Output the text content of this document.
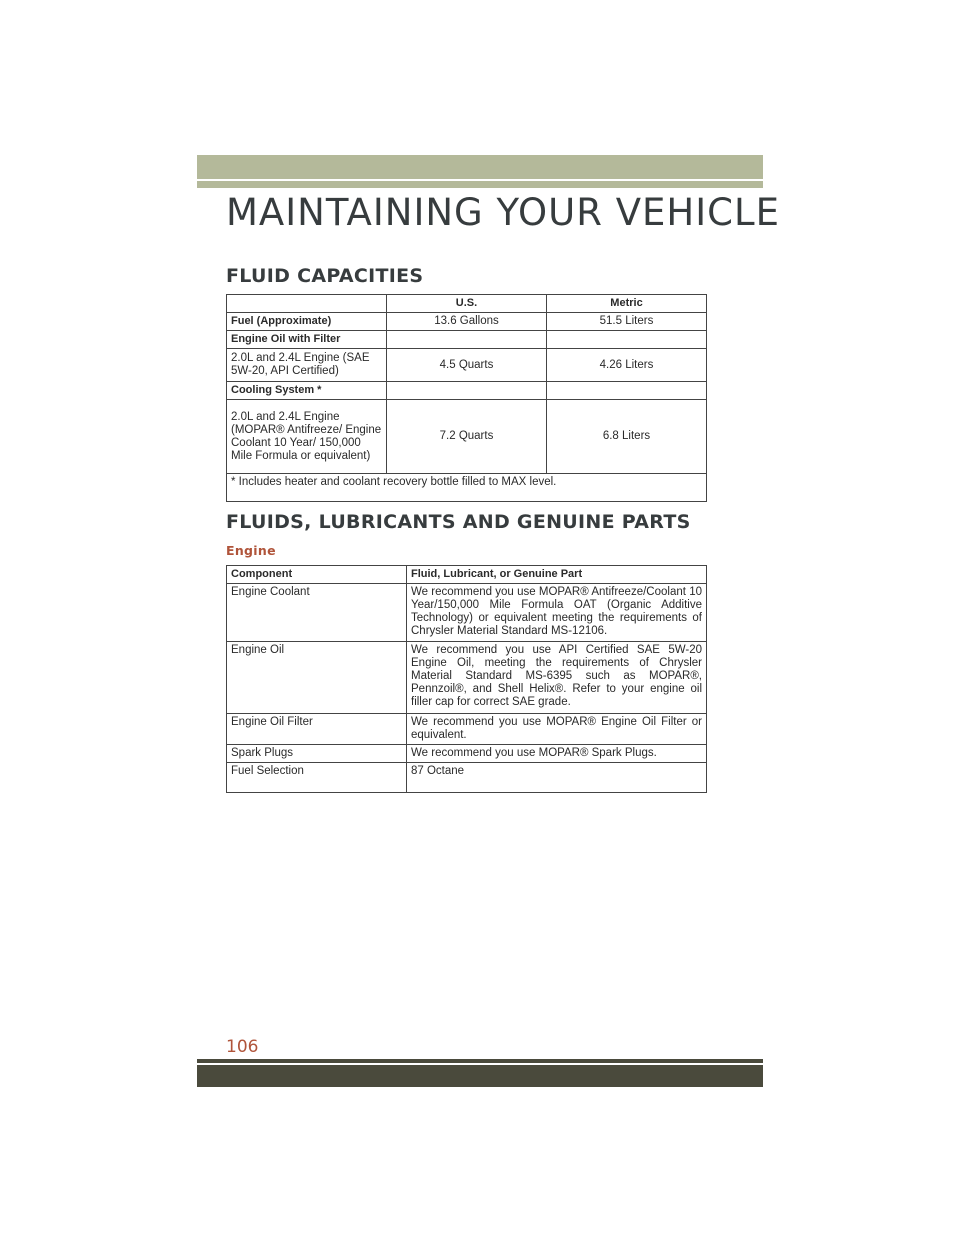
MAINTAINING YOUR VEHICLE
FLUID CAPACITIES
	U.S.	Metric
Fuel (Approximate)	13.6 Gallons	51.5 Liters
Engine Oil with Filter		
2.0L and 2.4L Engine (SAE 5W-20, API Certified)	4.5 Quarts	4.26 Liters
Cooling System *		
2.0L and 2.4L Engine (MOPAR® Antifreeze/ Engine Coolant 10 Year/ 150,000 Mile Formula or equivalent)	7.2 Quarts	6.8 Liters
* Includes heater and coolant recovery bottle filled to MAX level.		
FLUIDS, LUBRICANTS AND GENUINE PARTS
Engine
Component	Fluid, Lubricant, or Genuine Part
Engine Coolant	We recommend you use MOPAR® Antifreeze/Coolant 10 Year/150,000 Mile Formula OAT (Organic Additive Technology) or equivalent meeting the requirements of Chrysler Material Standard MS-12106.
Engine Oil	We recommend you use API Certified SAE 5W-20 Engine Oil, meeting the requirements of Chrysler Material Standard MS-6395 such as MOPAR®, Pennzoil®, and Shell Helix®. Refer to your engine oil filler cap for correct SAE grade.
Engine Oil Filter	We recommend you use MOPAR® Engine Oil Filter or equivalent.
Spark Plugs	We recommend you use MOPAR® Spark Plugs.
Fuel Selection	87 Octane
106
